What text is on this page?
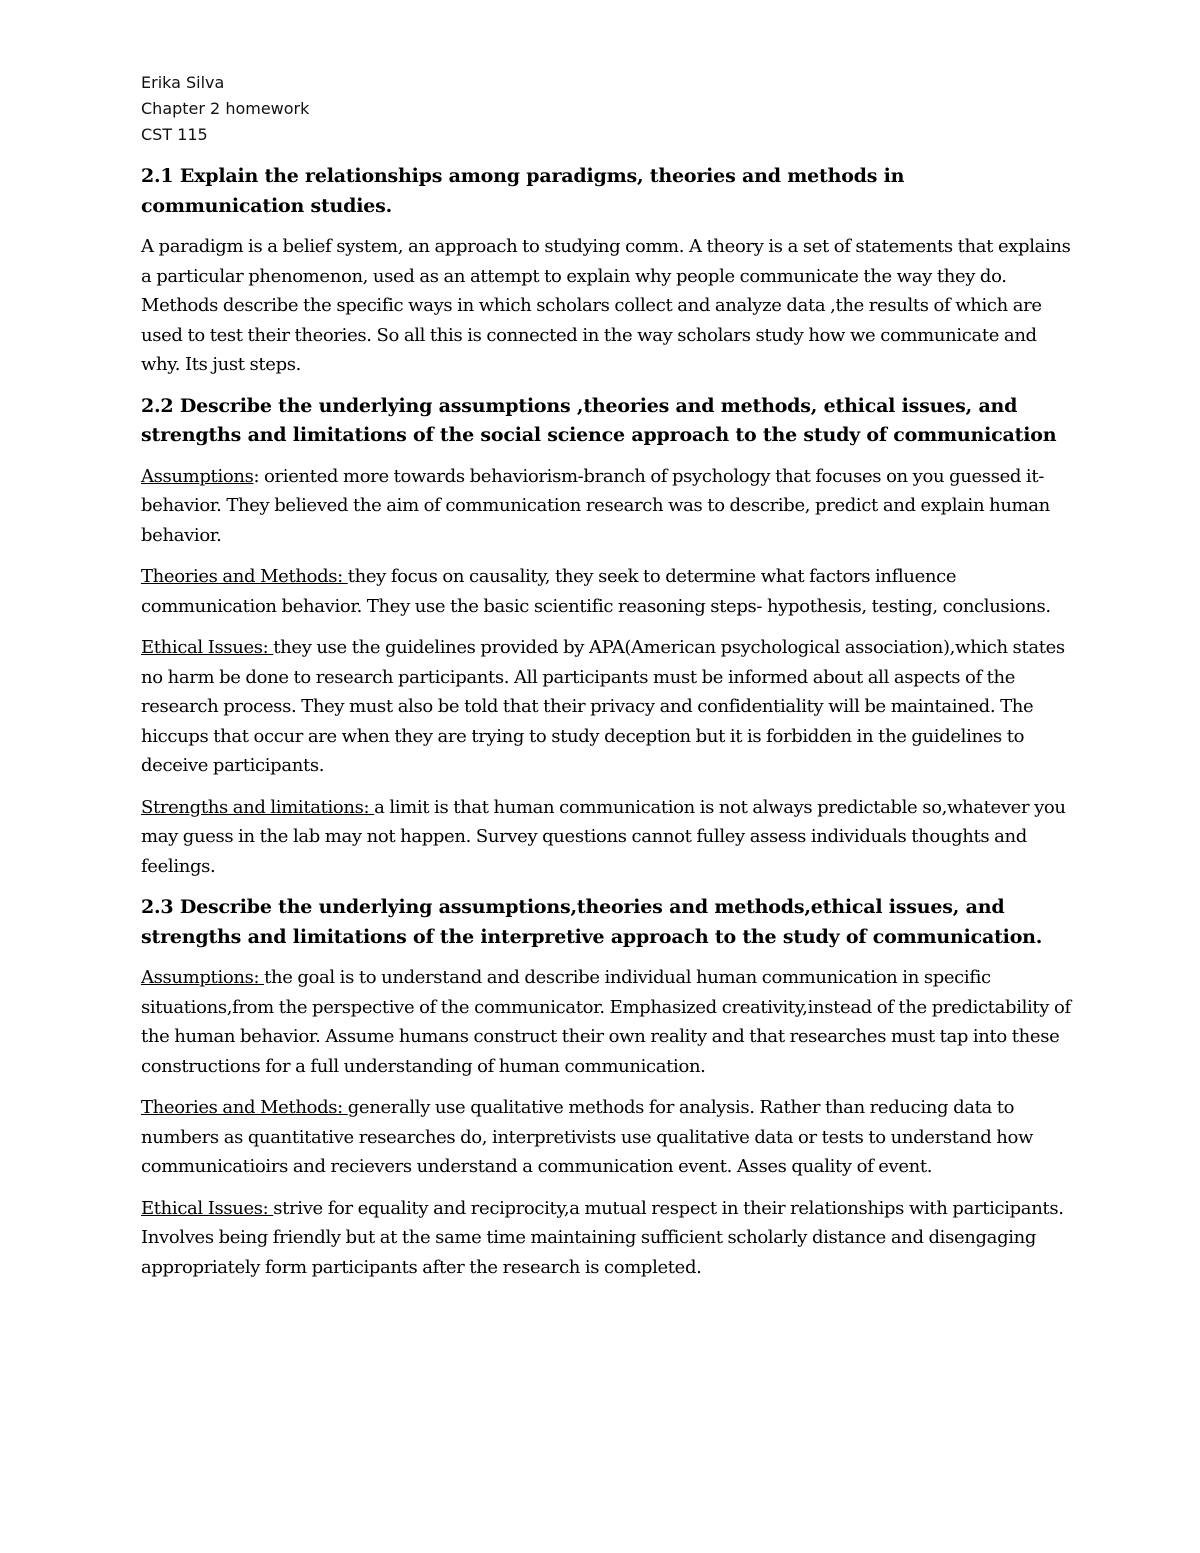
Erika Silva

Chapter 2 homework

CST 115

2.1 Explain the relationships among paradigms, theories and methods in communication studies.

A paradigm is a belief system, an approach to studying comm. A theory is a set of statements that explains a particular phenomenon, used as an attempt to explain why people communicate the way they do. Methods describe the specific ways in which scholars collect and analyze data ,the results of which are used to test their theories. So all this is connected in the way scholars study how we communicate and why. Its just steps.

2.2 Describe the underlying assumptions ,theories and methods, ethical issues, and strengths and limitations of the social science approach to the study of communication

Assumptions: oriented more towards behaviorism-branch of psychology that focuses on you guessed it-behavior. They believed the aim of communication research was to describe, predict and explain human behavior.

Theories and Methods: they focus on causality, they seek to determine what factors influence communication behavior. They use the basic scientific reasoning steps- hypothesis, testing, conclusions.

Ethical Issues: they use the guidelines provided by APA(American psychological association),which states no harm be done to research participants. All participants must be informed about all aspects of the research process. They must also be told that their privacy and confidentiality will be maintained. The hiccups that occur are when they are trying to study deception but it is forbidden in the guidelines to deceive participants.

Strengths and limitations: a limit is that human communication is not always predictable so,whatever you may guess in the lab may not happen. Survey questions cannot fulley assess individuals thoughts and feelings.

2.3 Describe the underlying assumptions,theories and methods,ethical issues, and strengths and limitations of the interpretive approach to the study of communication.

Assumptions: the goal is to understand and describe individual human communication in specific situations,from the perspective of the communicator. Emphasized creativity,instead of the predictability of the human behavior. Assume humans construct their own reality and that researches must tap into these constructions for a full understanding of human communication.

Theories and Methods: generally use qualitative methods for analysis. Rather than reducing data to numbers as quantitative researches do, interpretivists use qualitative data or tests to understand how communicatioirs and recievers understand a communication event. Asses quality of event.

Ethical Issues: strive for equality and reciprocity,a mutual respect in their relationships with participants. Involves being friendly but at the same time maintaining sufficient scholarly distance and disengaging appropriately form participants after the research is completed.
